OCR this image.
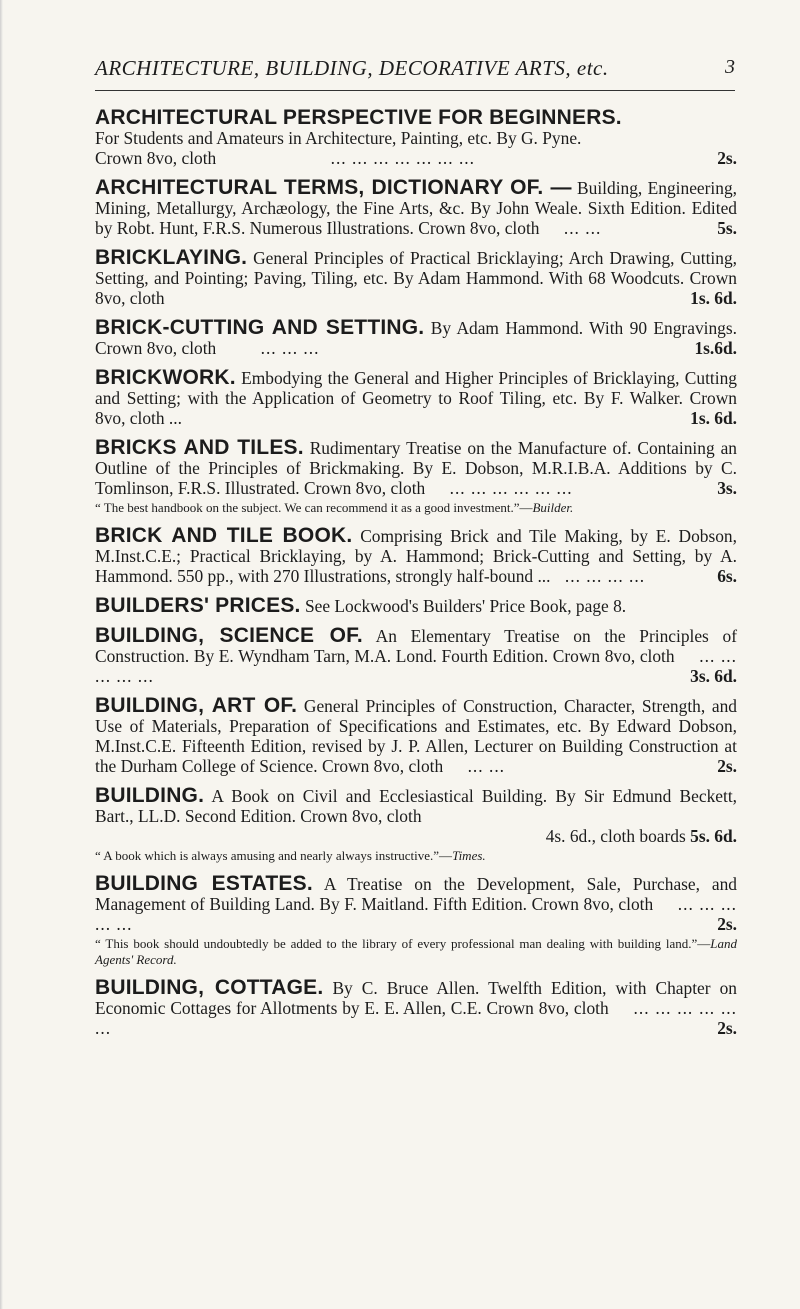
ARCHITECTURE, BUILDING, DECORATIVE ARTS, etc.	3

ARCHITECTURAL PERSPECTIVE FOR BEGINNERS.
For Students and Amateurs in Architecture, Painting, etc. By G. Pyne.
Crown 8vo, cloth	... ... ... ... ... ... ...	2s.

ARCHITECTURAL TERMS, DICTIONARY OF. — Building, Engineering, Mining, Metallurgy, Archæology, the Fine Arts, &c. By John Weale. Sixth Edition. Edited by Robt. Hunt, F.R.S. Numerous Illustrations. Crown 8vo, cloth ... ...	5s.

BRICKLAYING. General Principles of Practical Bricklaying; Arch Drawing, Cutting, Setting, and Pointing; Paving, Tiling, etc. By Adam Hammond. With 68 Woodcuts. Crown 8vo, cloth	1s. 6d.

BRICK-CUTTING AND SETTING. By Adam Hammond. With 90 Engravings. Crown 8vo, cloth	... ... ...	1s.6d.

BRICKWORK. Embodying the General and Higher Principles of Bricklaying, Cutting and Setting; with the Application of Geometry to Roof Tiling, etc. By F. Walker. Crown 8vo, cloth ...	1s. 6d.

BRICKS AND TILES. Rudimentary Treatise on the Manufacture of. Containing an Outline of the Principles of Brickmaking. By E. Dobson, M.R.I.B.A. Additions by C. Tomlinson, F.R.S. Illustrated. Crown 8vo, cloth ... ... ... ... ... ...	3s.

“ The best handbook on the subject. We can recommend it as a good investment.”—Builder.

BRICK AND TILE BOOK. Comprising Brick and Tile Making, by E. Dobson, M.Inst.C.E.; Practical Bricklaying, by A. Hammond; Brick-Cutting and Setting, by A. Hammond. 550 pp., with 270 Illustrations, strongly half-bound ... ... ... ... ...	6s.

BUILDERS' PRICES. See Lockwood's Builders' Price Book, page 8.

BUILDING, SCIENCE OF. An Elementary Treatise on the Principles of Construction. By E. Wyndham Tarn, M.A. Lond. Fourth Edition. Crown 8vo, cloth ... ... ... ... ...	3s. 6d.

BUILDING, ART OF. General Principles of Construction, Character, Strength, and Use of Materials, Preparation of Specifications and Estimates, etc. By Edward Dobson, M.Inst.C.E. Fifteenth Edition, revised by J. P. Allen, Lecturer on Building Construction at the Durham College of Science. Crown 8vo, cloth ... ...	2s.

BUILDING. A Book on Civil and Ecclesiastical Building. By Sir Edmund Beckett, Bart., LL.D. Second Edition. Crown 8vo, cloth
4s. 6d., cloth boards 5s. 6d.

“ A book which is always amusing and nearly always instructive.”—Times.

BUILDING ESTATES. A Treatise on the Development, Sale, Purchase, and Management of Building Land. By F. Maitland. Fifth Edition. Crown 8vo, cloth ... ... ... ... ...	2s.

“ This book should undoubtedly be added to the library of every professional man dealing with building land.”—Land Agents' Record.

BUILDING, COTTAGE. By C. Bruce Allen. Twelfth Edition, with Chapter on Economic Cottages for Allotments by E. E. Allen, C.E. Crown 8vo, cloth ... ... ... ... ... ...	2s.
